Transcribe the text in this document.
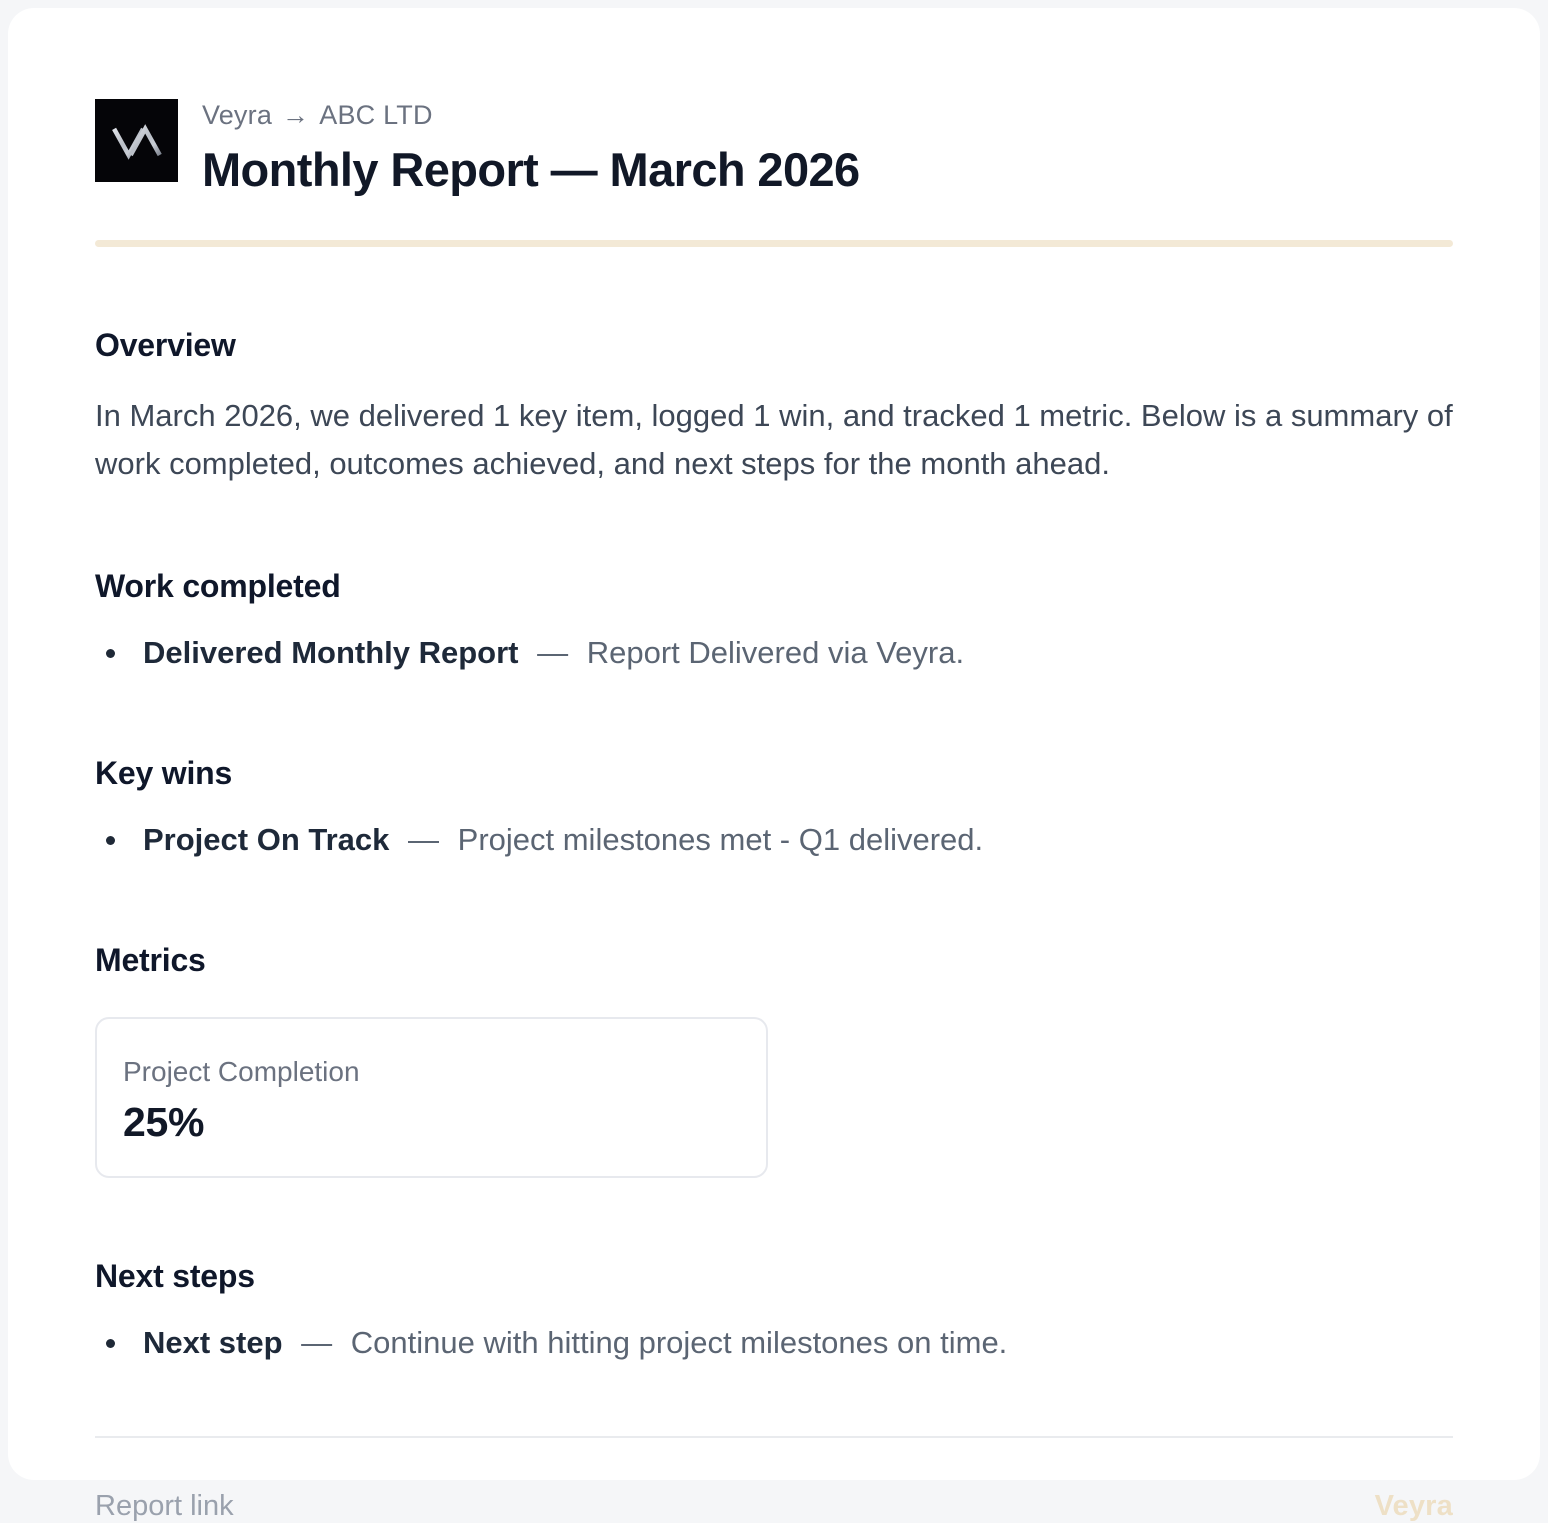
Veyra → ABC LTD
Monthly Report — March 2026
Overview

In March 2026, we delivered 1 key item, logged 1 win, and tracked 1 metric. Below is a summary of work completed, outcomes achieved, and next steps for the month ahead.

Work completed
Delivered Monthly Report — Report Delivered via Veyra.
Key wins
Project On Track — Project milestones met - Q1 delivered.
Metrics
Project Completion
25%
Next steps
Next step — Continue with hitting project milestones on time.
Report link	Veyra
